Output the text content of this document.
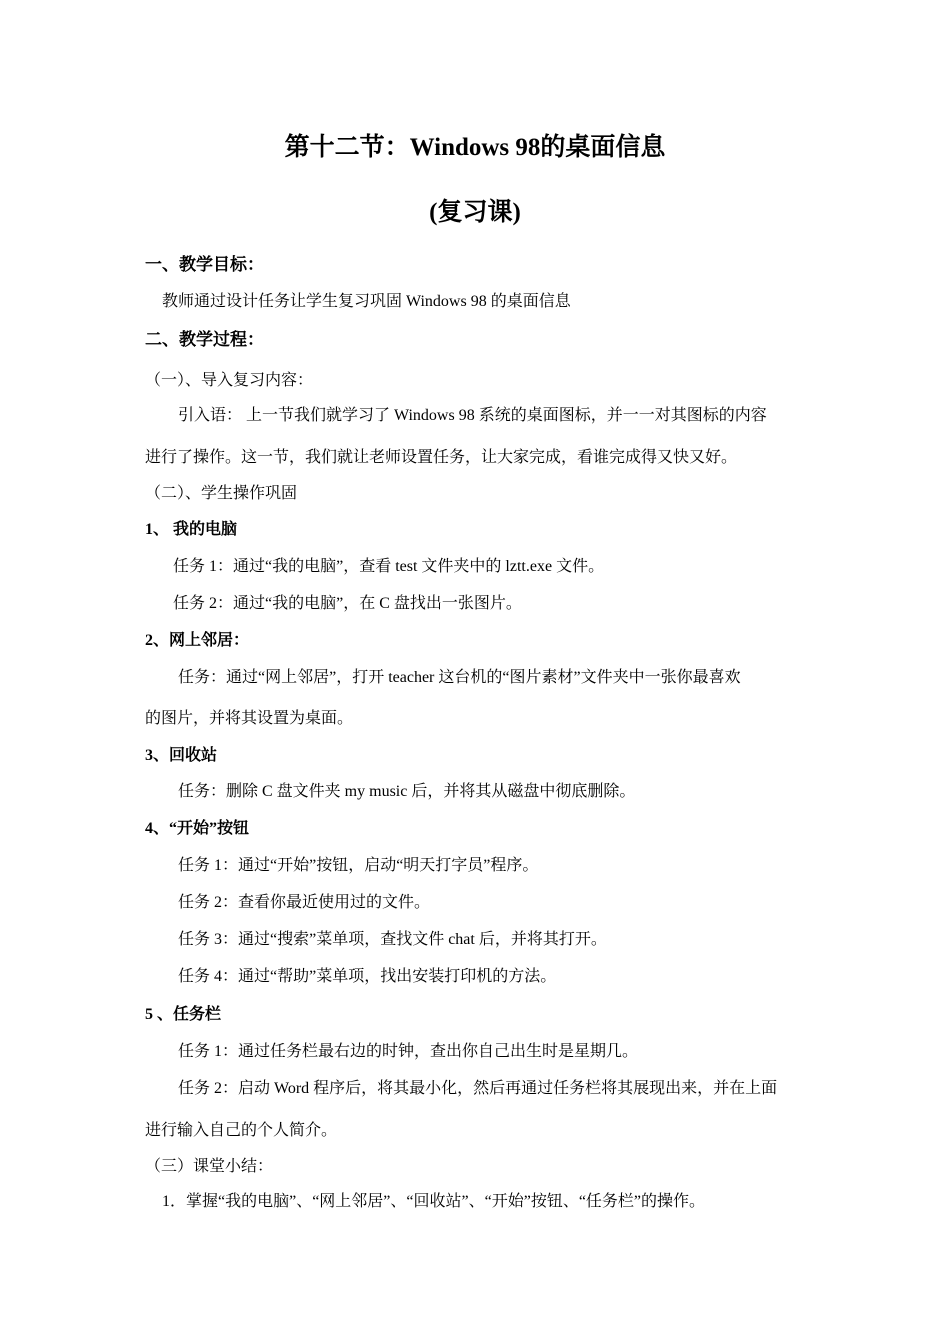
第十二节：Windows 98的桌面信息
(复习课)
一、教学目标：
教师通过设计任务让学生复习巩固 Windows 98 的桌面信息
二、教学过程：
（一）、导入复习内容：
引入语： 上一节我们就学习了 Windows 98 系统的桌面图标，并一一对其图标的内容
进行了操作。这一节，我们就让老师设置任务，让大家完成，看谁完成得又快又好。
（二）、学生操作巩固
1、 我的电脑
任务 1：通过“我的电脑”，查看 test 文件夹中的 lztt.exe 文件。
任务 2：通过“我的电脑”，在 C 盘找出一张图片。
2、网上邻居：
任务：通过“网上邻居”，打开 teacher 这台机的“图片素材”文件夹中一张你最喜欢
的图片，并将其设置为桌面。
3、回收站
任务：删除 C 盘文件夹 my music 后，并将其从磁盘中彻底删除。
4、“开始”按钮
任务 1：通过“开始”按钮，启动“明天打字员”程序。
任务 2：查看你最近使用过的文件。
任务 3：通过“搜索”菜单项，查找文件 chat 后，并将其打开。
任务 4：通过“帮助”菜单项，找出安装打印机的方法。
5 、任务栏
任务 1：通过任务栏最右边的时钟，查出你自己出生时是星期几。
任务 2：启动 Word 程序后，将其最小化，然后再通过任务栏将其展现出来，并在上面
进行输入自己的个人简介。
（三）课堂小结：
1．掌握“我的电脑”、“网上邻居”、“回收站”、“开始”按钮、“任务栏”的操作。
